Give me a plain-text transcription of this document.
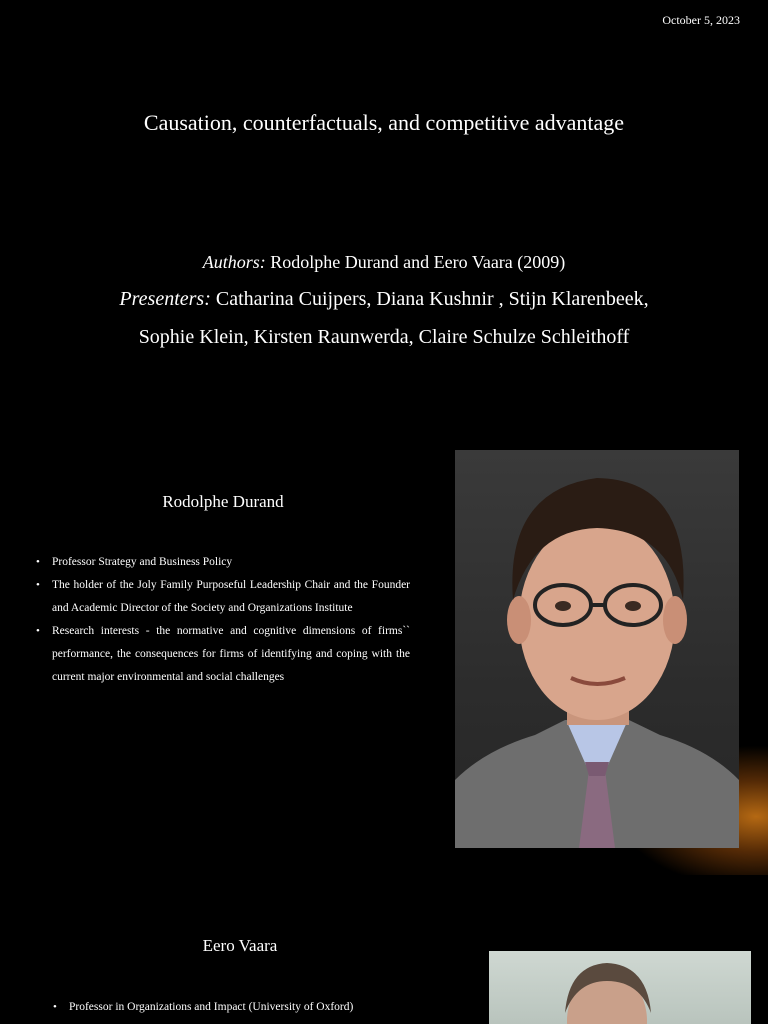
October 5, 2023
Causation, counterfactuals, and competitive advantage
Authors: Rodolphe Durand and Eero Vaara (2009)
Presenters: Catharina Cuijpers, Diana Kushnir , Stijn Klarenbeek,
Sophie Klein, Kirsten Raunwerda, Claire Schulze Schleithoff
Rodolphe Durand
• Professor Strategy and Business Policy
• The holder of the Joly Family Purposeful Leadership Chair and the Founder and Academic Director of the Society and Organizations Institute
• Research interests - the normative and cognitive dimensions of firms`` performance, the consequences for firms of identifying and coping with the current major environmental and social challenges
Eero Vaara
• Professor in Organizations and Impact (University of Oxford)
